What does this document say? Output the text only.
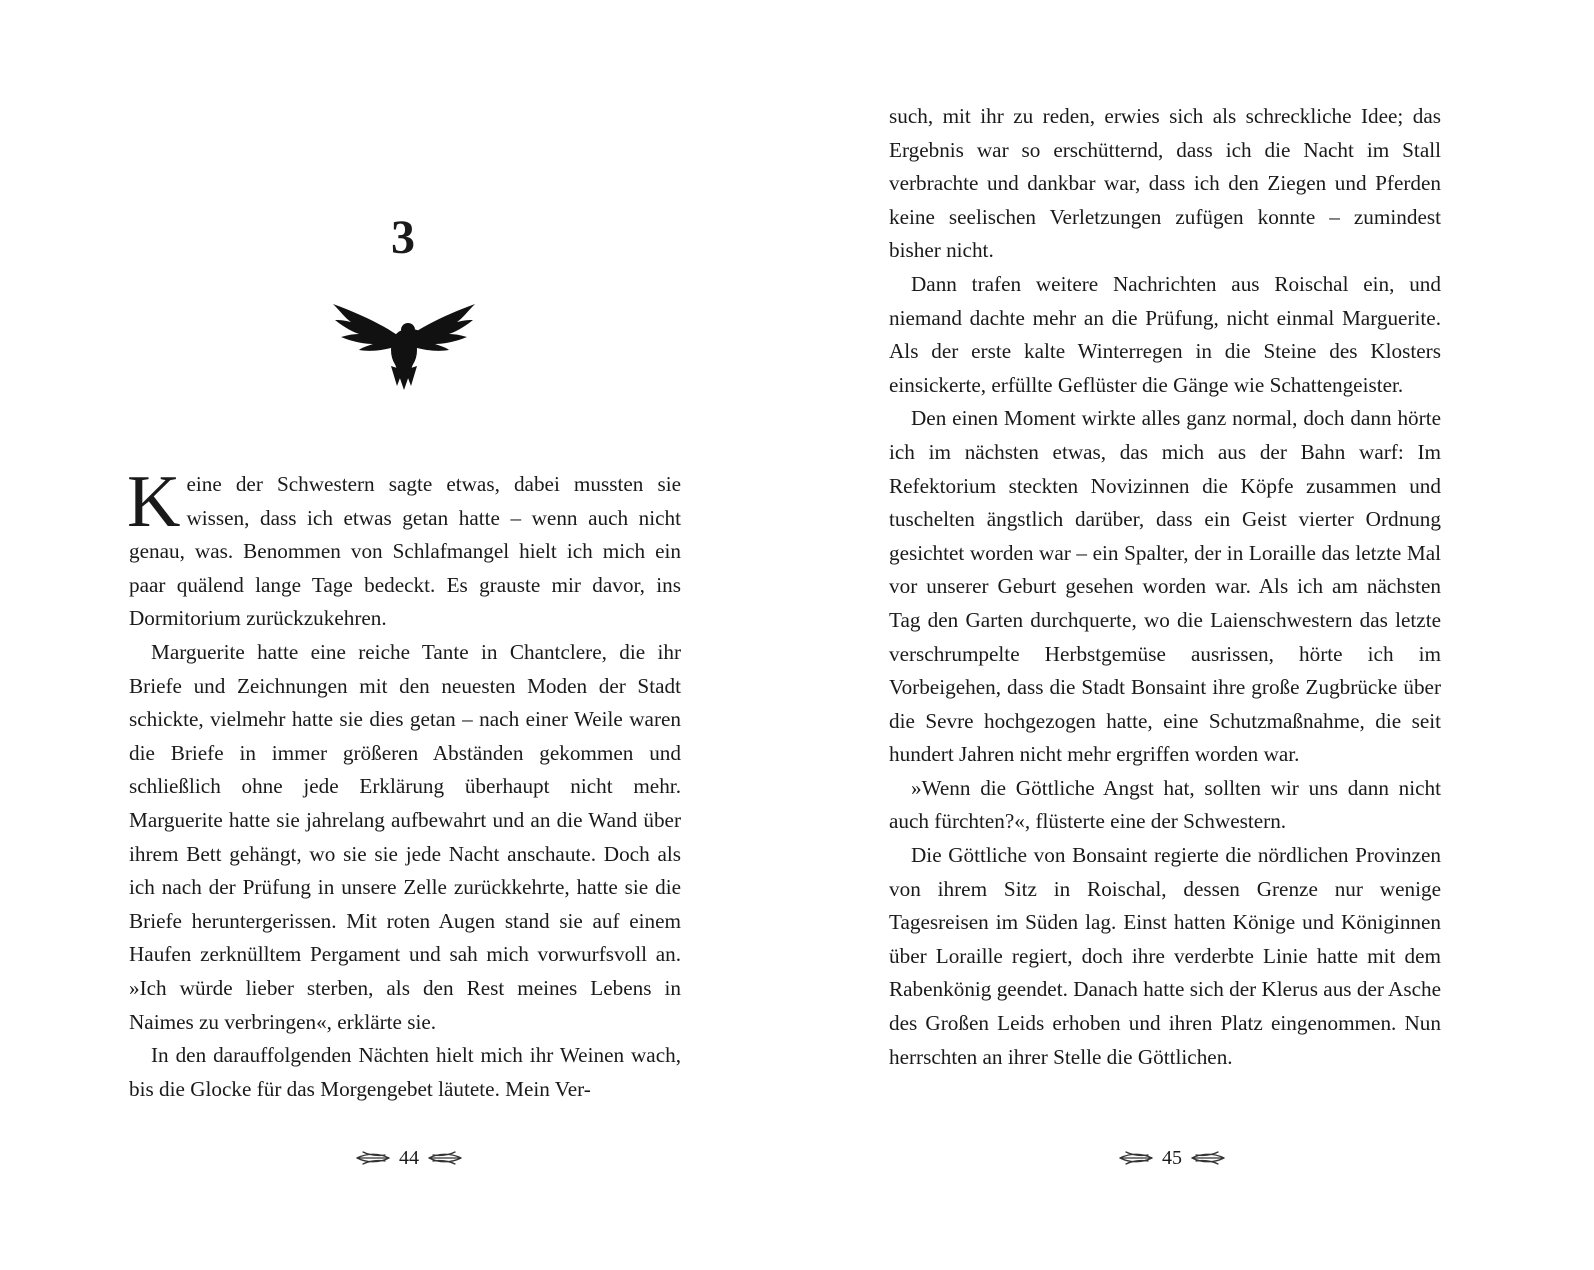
3

Keine der Schwestern sagte etwas, dabei mussten sie wissen, dass ich etwas getan hatte – wenn auch nicht genau, was. Benommen von Schlafmangel hielt ich mich ein paar quälend lange Tage bedeckt. Es grauste mir davor, ins Dormitorium zurückzukehren.

Marguerite hatte eine reiche Tante in Chantclere, die ihr Briefe und Zeichnungen mit den neuesten Moden der Stadt schickte, vielmehr hatte sie dies getan – nach einer Weile waren die Briefe in immer größeren Abständen gekommen und schließlich ohne jede Erklärung überhaupt nicht mehr. Marguerite hatte sie jahrelang aufbewahrt und an die Wand über ihrem Bett gehängt, wo sie sie jede Nacht anschaute. Doch als ich nach der Prüfung in unsere Zelle zurückkehrte, hatte sie die Briefe heruntergerissen. Mit roten Augen stand sie auf einem Haufen zerknülltem Pergament und sah mich vorwurfsvoll an. »Ich würde lieber sterben, als den Rest meines Lebens in Naimes zu verbringen«, erklärte sie.

In den darauffolgenden Nächten hielt mich ihr Weinen wach, bis die Glocke für das Morgengebet läutete. Mein Ver-

44

such, mit ihr zu reden, erwies sich als schreckliche Idee; das Ergebnis war so erschütternd, dass ich die Nacht im Stall verbrachte und dankbar war, dass ich den Ziegen und Pferden keine seelischen Verletzungen zufügen konnte – zumindest bisher nicht.

Dann trafen weitere Nachrichten aus Roischal ein, und niemand dachte mehr an die Prüfung, nicht einmal Marguerite. Als der erste kalte Winterregen in die Steine des Klosters einsickerte, erfüllte Geflüster die Gänge wie Schattengeister.

Den einen Moment wirkte alles ganz normal, doch dann hörte ich im nächsten etwas, das mich aus der Bahn warf: Im Refektorium steckten Novizinnen die Köpfe zusammen und tuschelten ängstlich darüber, dass ein Geist vierter Ordnung gesichtet worden war – ein Spalter, der in Loraille das letzte Mal vor unserer Geburt gesehen worden war. Als ich am nächsten Tag den Garten durchquerte, wo die Laienschwestern das letzte verschrumpelte Herbstgemüse ausrissen, hörte ich im Vorbeigehen, dass die Stadt Bonsaint ihre große Zugbrücke über die Sevre hochgezogen hatte, eine Schutzmaßnahme, die seit hundert Jahren nicht mehr ergriffen worden war.

»Wenn die Göttliche Angst hat, sollten wir uns dann nicht auch fürchten?«, flüsterte eine der Schwestern.

Die Göttliche von Bonsaint regierte die nördlichen Provinzen von ihrem Sitz in Roischal, dessen Grenze nur wenige Tagesreisen im Süden lag. Einst hatten Könige und Königinnen über Loraille regiert, doch ihre verderbte Linie hatte mit dem Rabenkönig geendet. Danach hatte sich der Klerus aus der Asche des Großen Leids erhoben und ihren Platz eingenommen. Nun herrschten an ihrer Stelle die Göttlichen.

45
